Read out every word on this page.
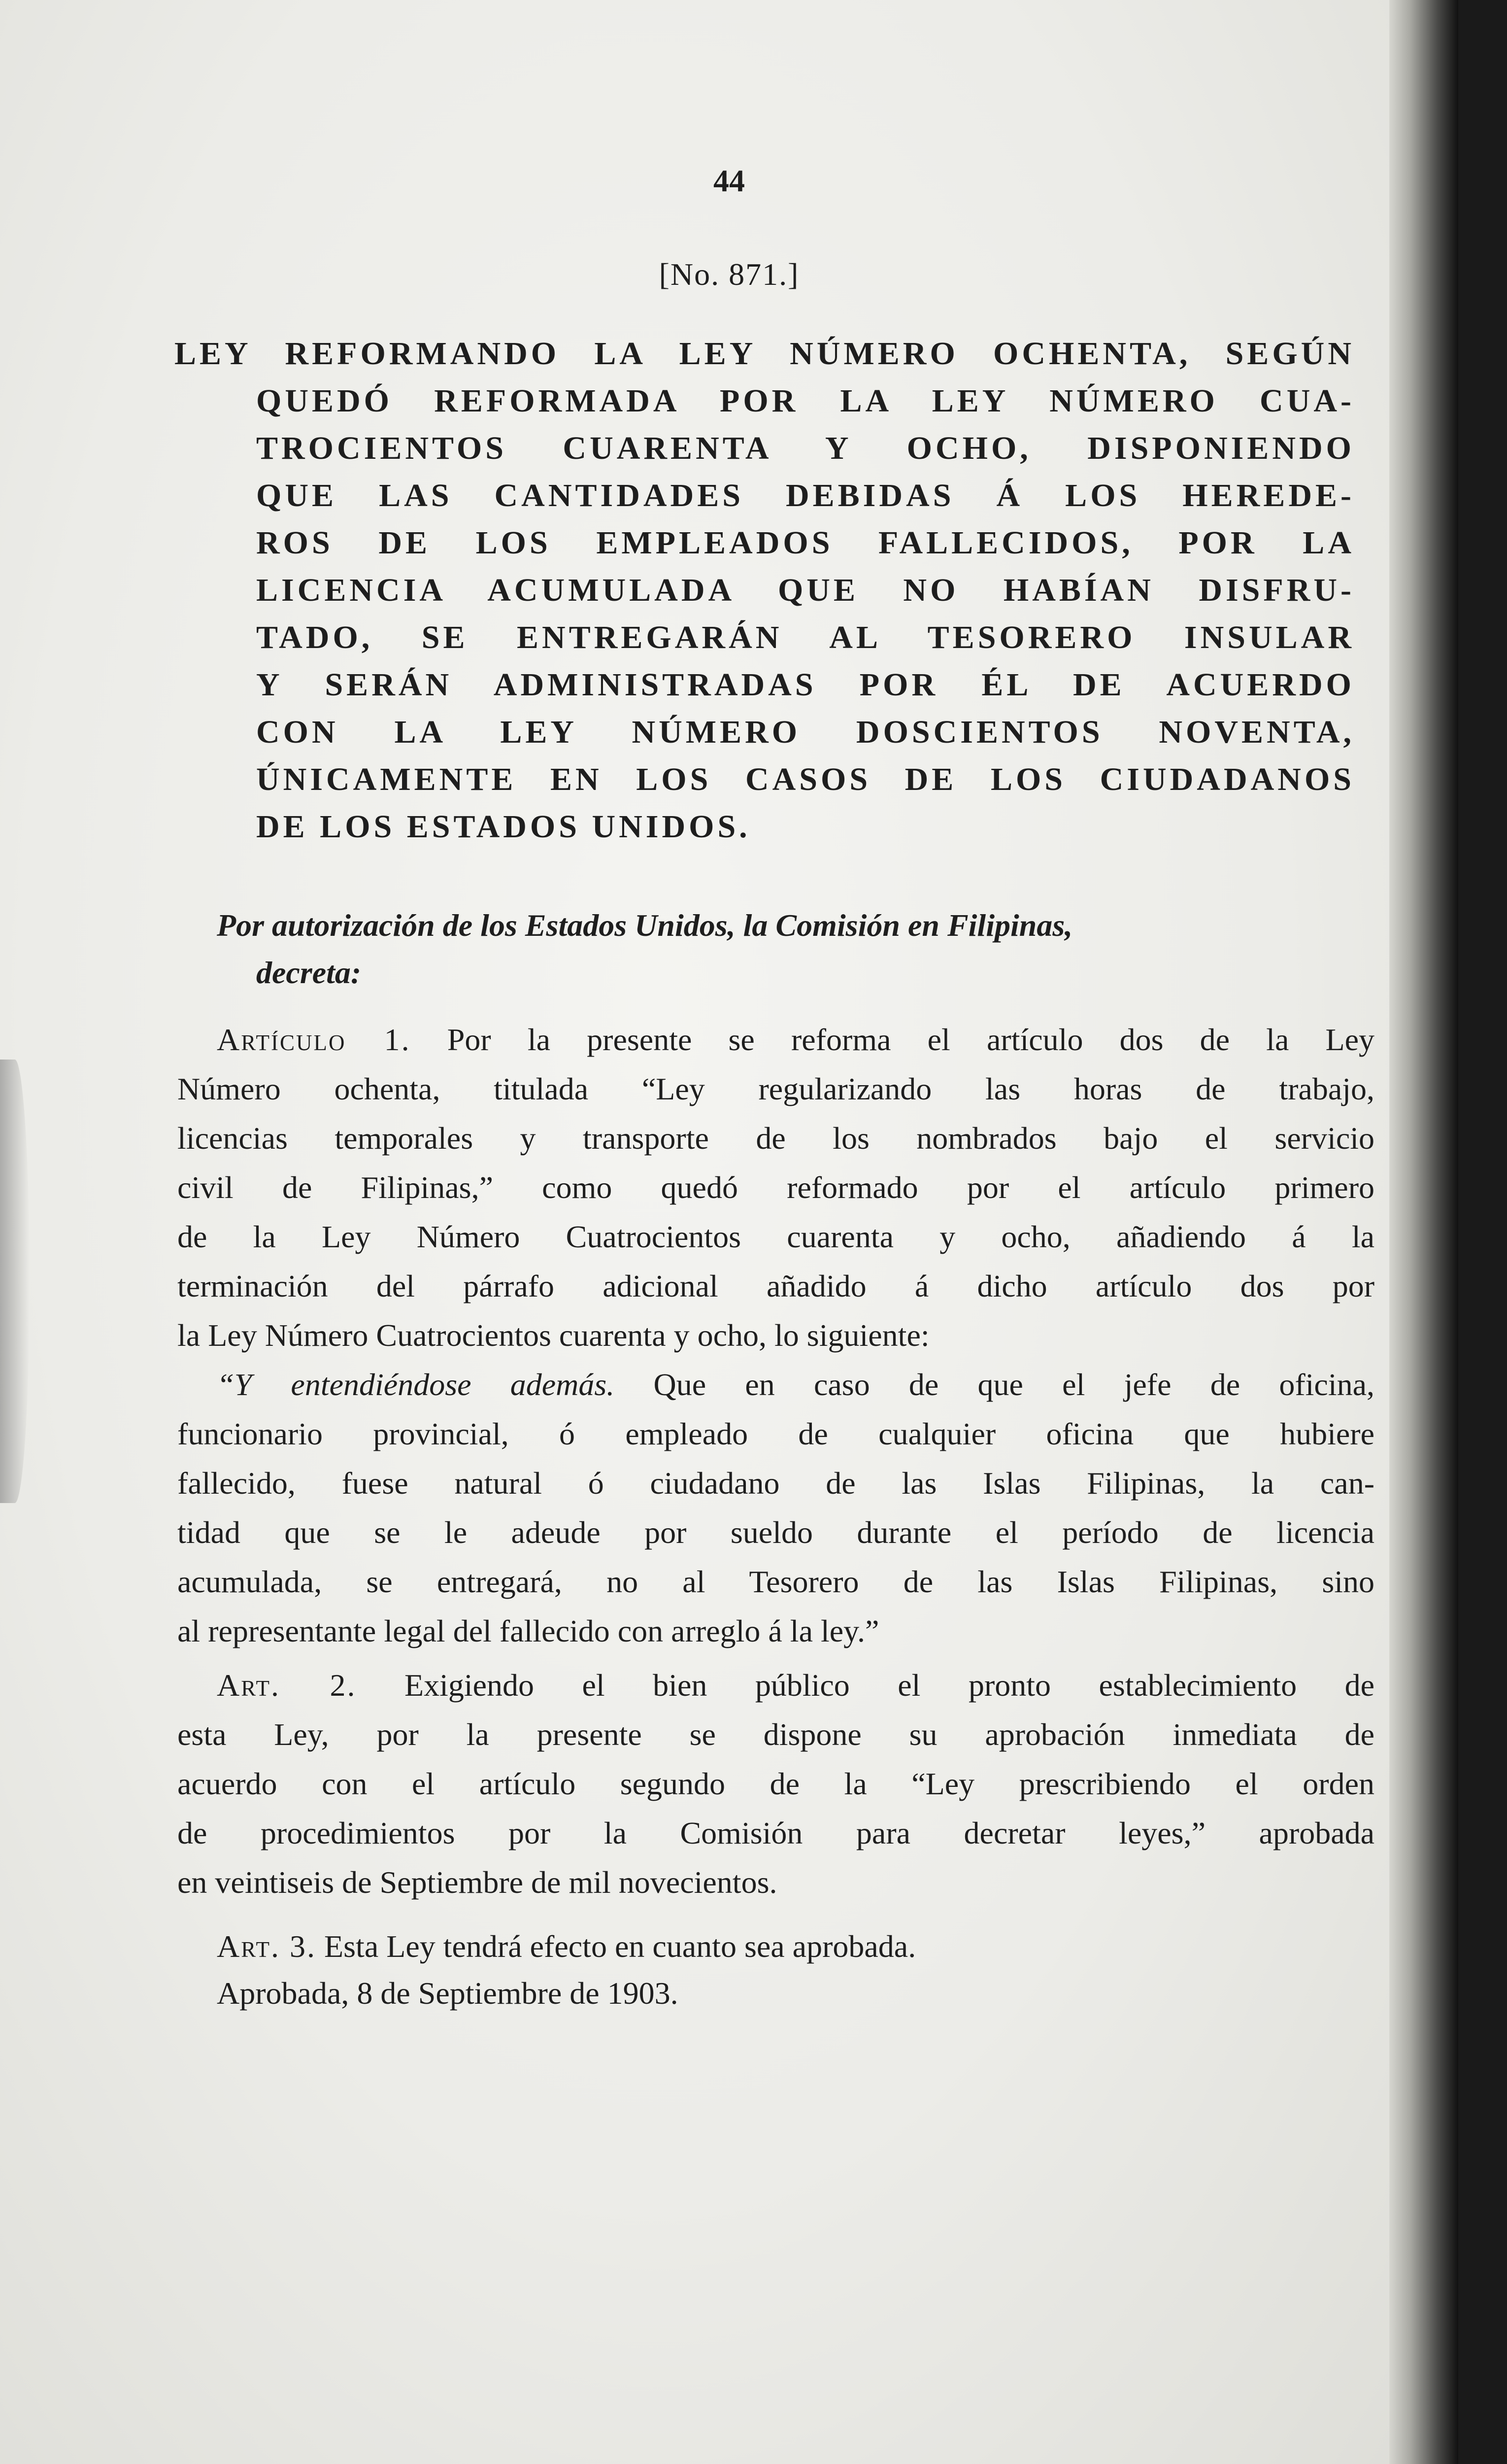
44
[No. 871.]
LEY REFORMANDO LA LEY NÚMERO OCHENTA, SEGÚN
QUEDÓ REFORMADA POR LA LEY NÚMERO CUA-
TROCIENTOS CUARENTA Y OCHO, DISPONIENDO
QUE LAS CANTIDADES DEBIDAS Á LOS HEREDE-
ROS DE LOS EMPLEADOS FALLECIDOS, POR LA
LICENCIA ACUMULADA QUE NO HABÍAN DISFRU-
TADO, SE ENTREGARÁN AL TESORERO INSULAR
Y SERÁN ADMINISTRADAS POR ÉL DE ACUERDO
CON LA LEY NÚMERO DOSCIENTOS NOVENTA,
ÚNICAMENTE EN LOS CASOS DE LOS CIUDADANOS
DE LOS ESTADOS UNIDOS.
Por autorización de los Estados Unidos, la Comisión en Filipinas,
decreta:
Artículo 1. Por la presente se reforma el artículo dos de la Ley
Número ochenta, titulada “Ley regularizando las horas de trabajo,
licencias temporales y transporte de los nombrados bajo el servicio
civil de Filipinas,” como quedó reformado por el artículo primero
de la Ley Número Cuatrocientos cuarenta y ocho, añadiendo á la
terminación del párrafo adicional añadido á dicho artículo dos por
la Ley Número Cuatrocientos cuarenta y ocho, lo siguiente:
“Y entendiéndose además. Que en caso de que el jefe de oficina,
funcionario provincial, ó empleado de cualquier oficina que hubiere
fallecido, fuese natural ó ciudadano de las Islas Filipinas, la can-
tidad que se le adeude por sueldo durante el período de licencia
acumulada, se entregará, no al Tesorero de las Islas Filipinas, sino
al representante legal del fallecido con arreglo á la ley.”
Art. 2. Exigiendo el bien público el pronto establecimiento de
esta Ley, por la presente se dispone su aprobación inmediata de
acuerdo con el artículo segundo de la “Ley prescribiendo el orden
de procedimientos por la Comisión para decretar leyes,” aprobada
en veintiseis de Septiembre de mil novecientos.
Art. 3. Esta Ley tendrá efecto en cuanto sea aprobada.
Aprobada, 8 de Septiembre de 1903.
